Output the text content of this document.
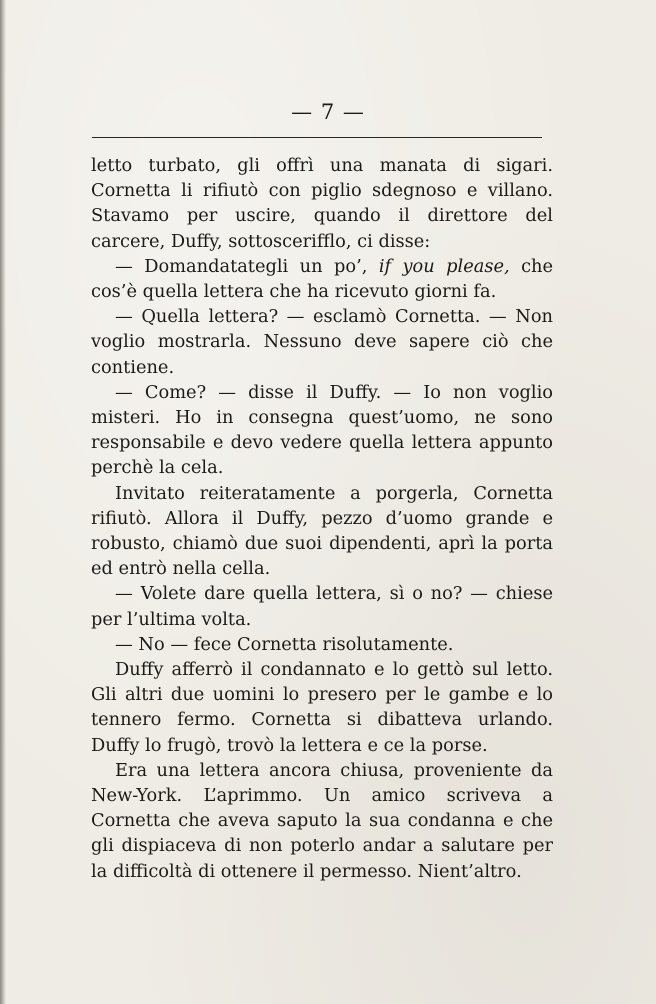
— 7 —

letto turbato, gli offrì una manata di sigari. Cornetta li rifiutò con piglio sdegnoso e villano. Stavamo per uscire, quando il direttore del carcere, Duffy, sottoscerifflo, ci disse:

— Domandatategli un po’, if you please, che cos’è quella lettera che ha ricevuto giorni fa.

— Quella lettera? — esclamò Cornetta. — Non voglio mostrarla. Nessuno deve sapere ciò che contiene.

— Come? — disse il Duffy. — Io non voglio misteri. Ho in consegna quest’uomo, ne sono responsabile e devo vedere quella lettera appunto perchè la cela.

Invitato reiteratamente a porgerla, Cornetta rifiutò. Allora il Duffy, pezzo d’uomo grande e robusto, chiamò due suoi dipendenti, aprì la porta ed entrò nella cella.

— Volete dare quella lettera, sì o no? — chiese per l’ultima volta.

— No — fece Cornetta risolutamente.

Duffy afferrò il condannato e lo gettò sul letto. Gli altri due uomini lo presero per le gambe e lo tennero fermo. Cornetta si dibatteva urlando. Duffy lo frugò, trovò la lettera e ce la porse.

Era una lettera ancora chiusa, proveniente da New-York. L’aprimmo. Un amico scriveva a Cornetta che aveva saputo la sua condanna e che gli dispiaceva di non poterlo andar a salutare per la difficoltà di ottenere il permesso. Nient’altro.
